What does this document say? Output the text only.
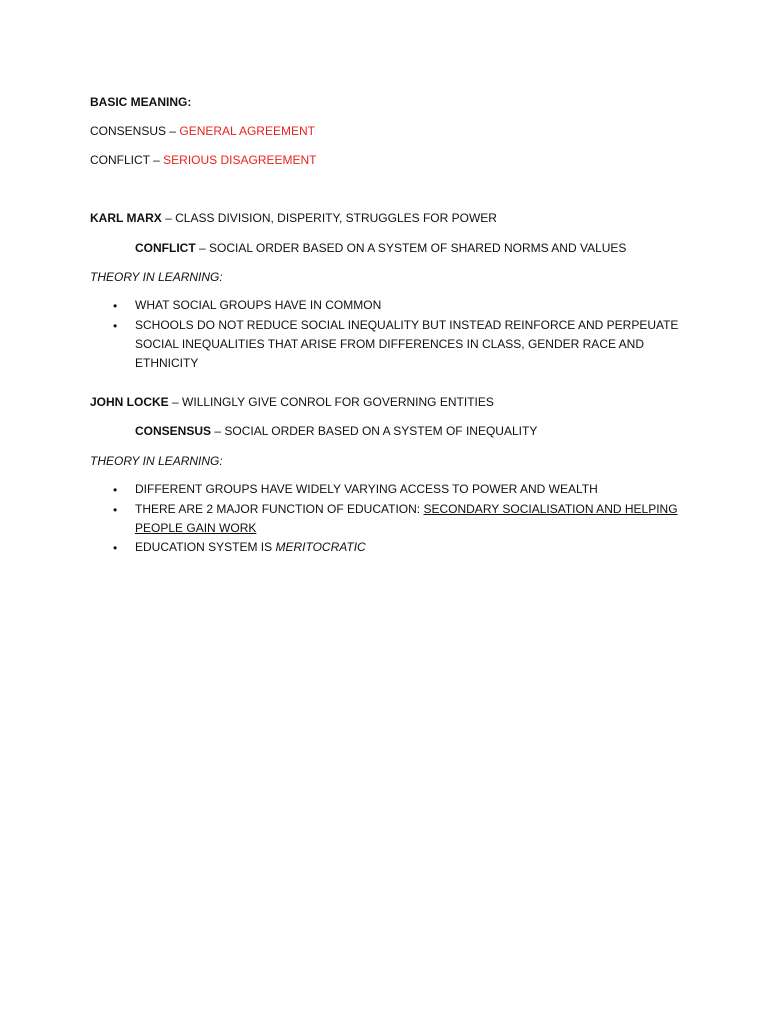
BASIC MEANING:
CONSENSUS – GENERAL AGREEMENT
CONFLICT – SERIOUS DISAGREEMENT
KARL MARX – CLASS DIVISION, DISPERITY, STRUGGLES FOR POWER
CONFLICT – SOCIAL ORDER BASED ON A SYSTEM OF SHARED NORMS AND VALUES
THEORY IN LEARNING:
• WHAT SOCIAL GROUPS HAVE IN COMMON
• SCHOOLS DO NOT REDUCE SOCIAL INEQUALITY BUT INSTEAD REINFORCE AND PERPEUATE SOCIAL INEQUALITIES THAT ARISE FROM DIFFERENCES IN CLASS, GENDER RACE AND ETHNICITY
JOHN LOCKE – WILLINGLY GIVE CONROL FOR GOVERNING ENTITIES
CONSENSUS – SOCIAL ORDER BASED ON A SYSTEM OF INEQUALITY
THEORY IN LEARNING:
• DIFFERENT GROUPS HAVE WIDELY VARYING ACCESS TO POWER AND WEALTH
• THERE ARE 2 MAJOR FUNCTION OF EDUCATION: SECONDARY SOCIALISATION AND HELPING PEOPLE GAIN WORK
• EDUCATION SYSTEM IS MERITOCRATIC
